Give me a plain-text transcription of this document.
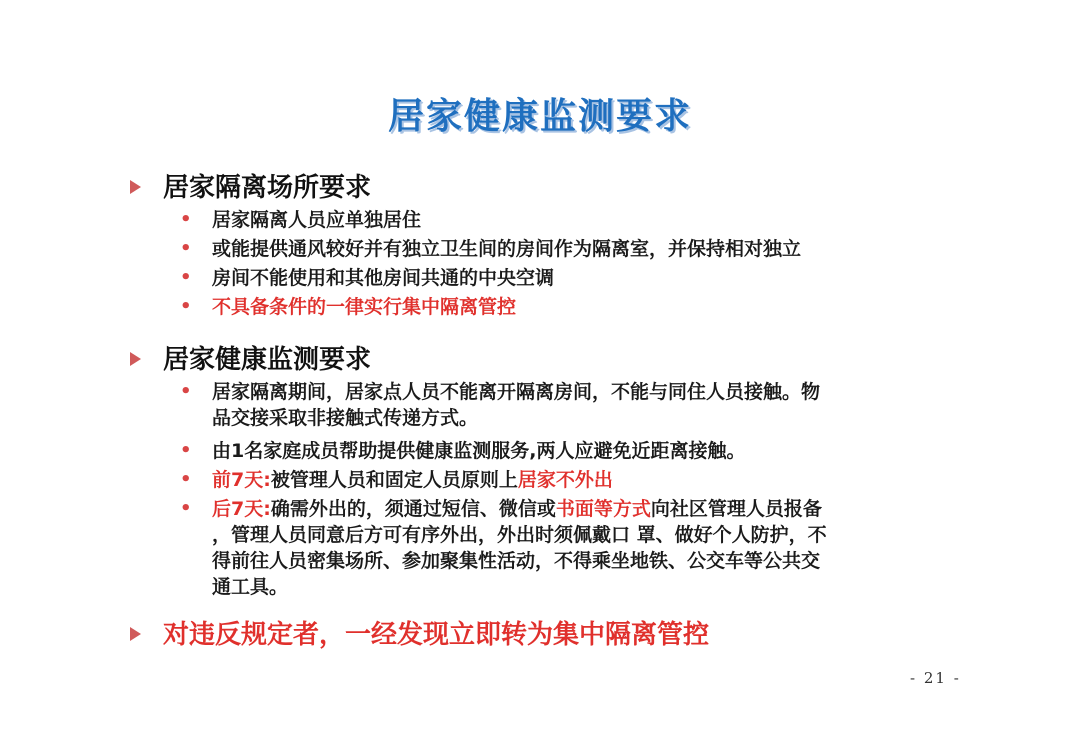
居家健康监测要求
居家隔离场所要求
• 居家隔离人员应单独居住
• 或能提供通风较好并有独立卫生间的房间作为隔离室，并保持相对独立
• 房间不能使用和其他房间共通的中央空调
• 不具备条件的一律实行集中隔离管控
居家健康监测要求
• 居家隔离期间，居家点人员不能离开隔离房间，不能与同住人员接触。物
品交接采取非接触式传递方式。
• 由1名家庭成员帮助提供健康监测服务,两人应避免近距离接触。
• 前7天:被管理人员和固定人员原则上居家不外出
• 后7天:确需外出的，须通过短信、微信或书面等方式向社区管理人员报备
，管理人员同意后方可有序外出，外出时须佩戴口 罩、做好个人防护，不
得前往人员密集场所、参加聚集性活动，不得乘坐地铁、公交车等公共交
通工具。
对违反规定者，一经发现立即转为集中隔离管控
- 21 -
